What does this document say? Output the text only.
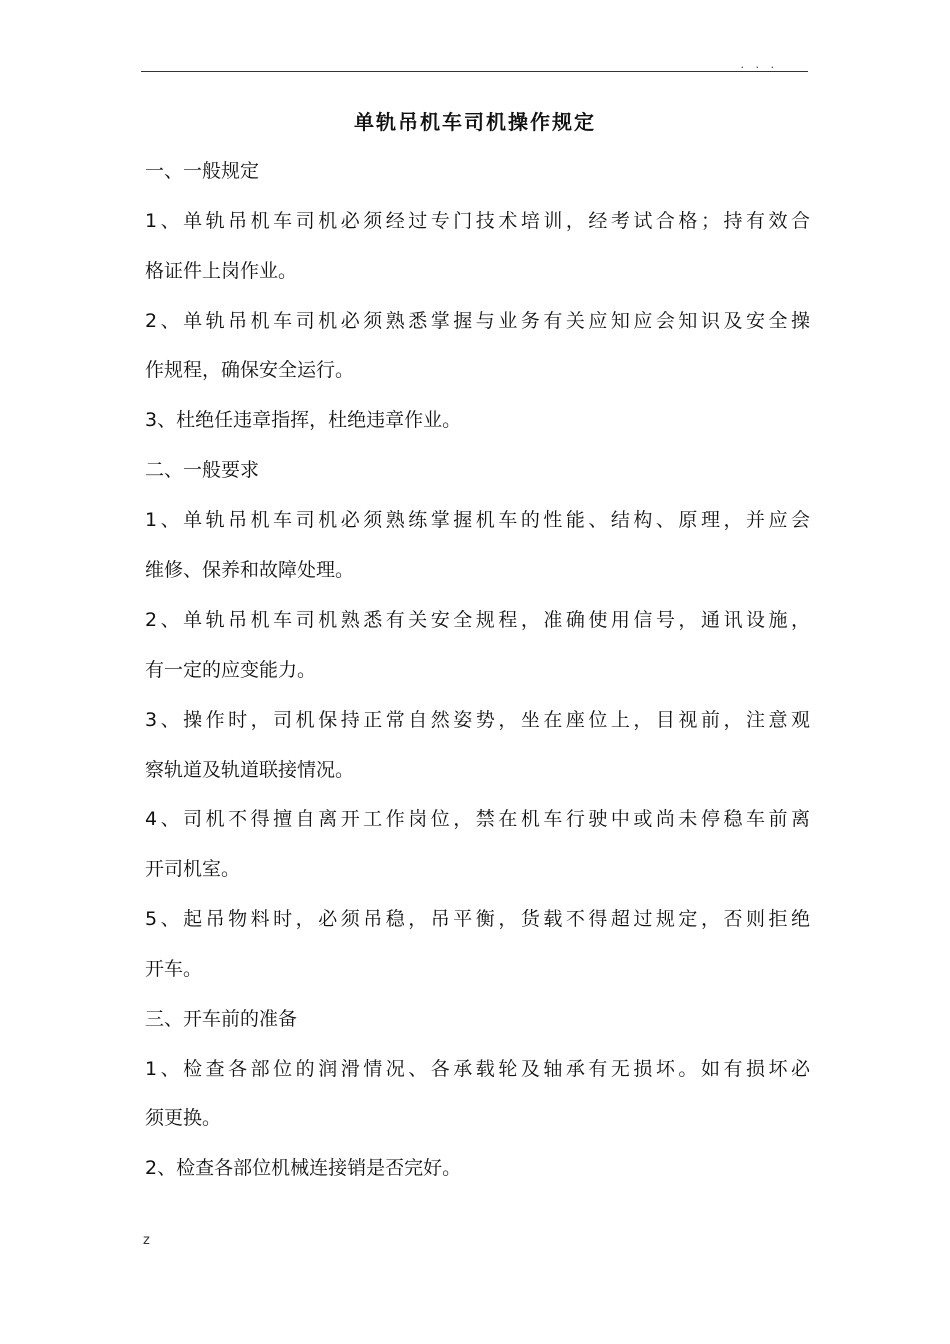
. . .
单轨吊机车司机操作规定
一、一般规定
1、单轨吊机车司机必须经过专门技术培训，经考试合格；持有效合
格证件上岗作业。
2、单轨吊机车司机必须熟悉掌握与业务有关应知应会知识及安全操
作规程，确保安全运行。
3、杜绝任违章指挥，杜绝违章作业。
二、一般要求
1、单轨吊机车司机必须熟练掌握机车的性能、结构、原理，并应会
维修、保养和故障处理。
2、单轨吊机车司机熟悉有关安全规程，准确使用信号，通讯设施，
有一定的应变能力。
3、操作时，司机保持正常自然姿势，坐在座位上，目视前，注意观
察轨道及轨道联接情况。
4、司机不得擅自离开工作岗位，禁在机车行驶中或尚未停稳车前离
开司机室。
5、起吊物料时，必须吊稳，吊平衡，货载不得超过规定，否则拒绝
开车。
三、开车前的准备
1、检查各部位的润滑情况、各承载轮及轴承有无损坏。如有损坏必
须更换。
2、检查各部位机械连接销是否完好。
z
